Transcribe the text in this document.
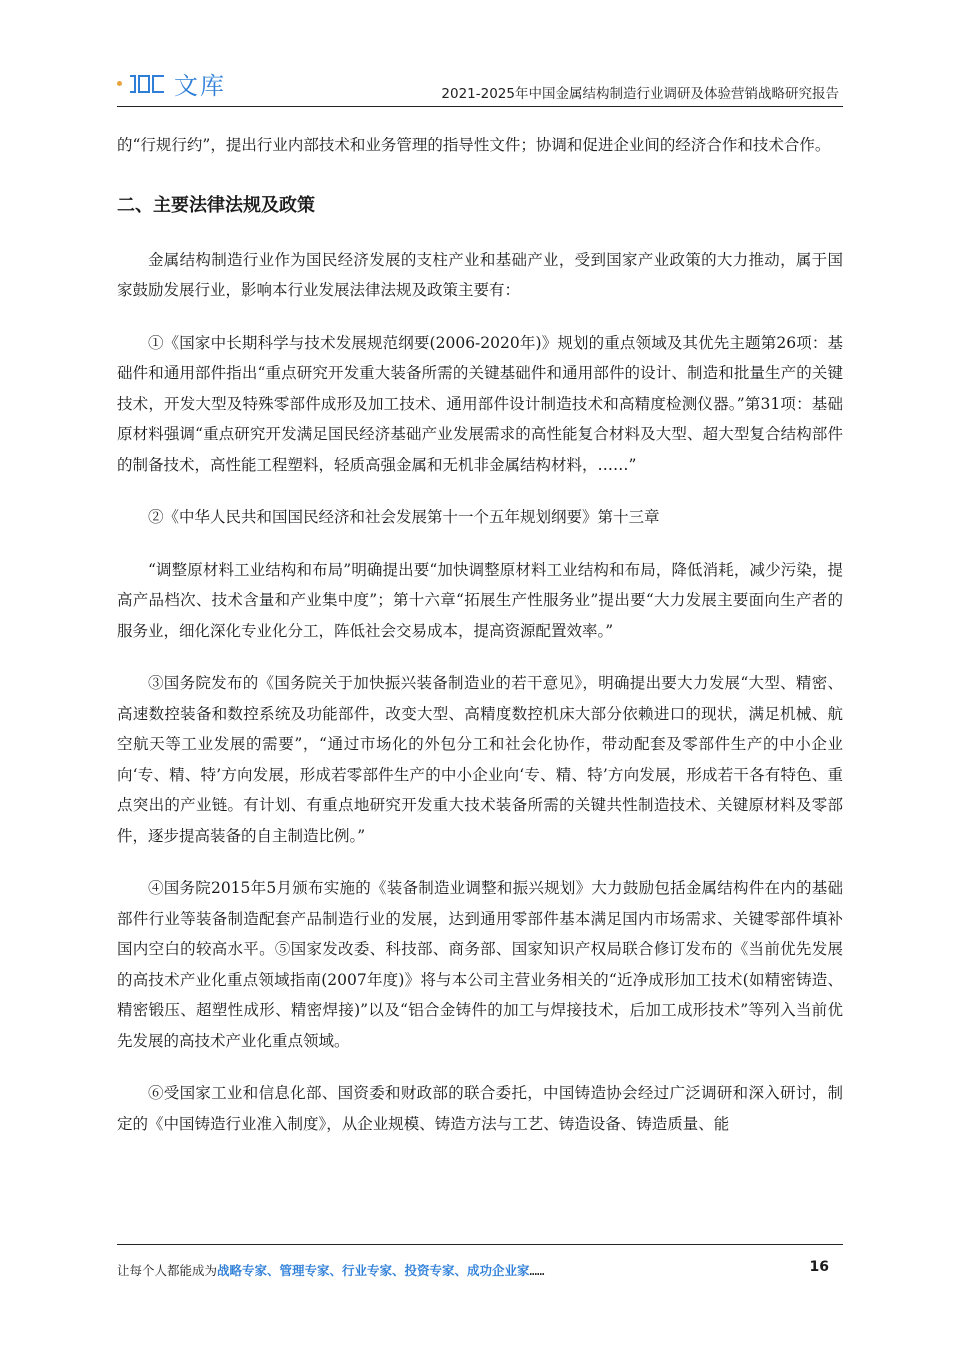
文库	2021-2025年中国金属结构制造行业调研及体验营销战略研究报告

的“行规行约”，提出行业内部技术和业务管理的指导性文件；协调和促进企业间的经济合作和技术合作。

二、主要法律法规及政策

金属结构制造行业作为国民经济发展的支柱产业和基础产业，受到国家产业政策的大力推动，属于国家鼓励发展行业，影响本行业发展法律法规及政策主要有：

①《国家中长期科学与技术发展规范纲要(2006-2020年)》规划的重点领域及其优先主题第26项：基础件和通用部件指出“重点研究开发重大装备所需的关键基础件和通用部件的设计、制造和批量生产的关键技术，开发大型及特殊零部件成形及加工技术、通用部件设计制造技术和高精度检测仪器。”第31项：基础原材料强调“重点研究开发满足国民经济基础产业发展需求的高性能复合材料及大型、超大型复合结构部件的制备技术，高性能工程塑料，轻质高强金属和无机非金属结构材料，……”

②《中华人民共和国国民经济和社会发展第十一个五年规划纲要》第十三章

“调整原材料工业结构和布局”明确提出要“加快调整原材料工业结构和布局，降低消耗，减少污染，提高产品档次、技术含量和产业集中度”；第十六章“拓展生产性服务业”提出要“大力发展主要面向生产者的服务业，细化深化专业化分工，阵低社会交易成本，提高资源配置效率。”

③国务院发布的《国务院关于加快振兴装备制造业的若干意见》，明确提出要大力发展“大型、精密、高速数控装备和数控系统及功能部件，改变大型、高精度数控机床大部分依赖进口的现状，满足机械、航空航天等工业发展的需要”，“通过市场化的外包分工和社会化协作，带动配套及零部件生产的中小企业向‘专、精、特’方向发展，形成若零部件生产的中小企业向‘专、精、特’方向发展，形成若干各有特色、重点突出的产业链。有计划、有重点地研究开发重大技术装备所需的关键共性制造技术、关键原材料及零部件，逐步提高装备的自主制造比例。”

④国务院2015年5月颁布实施的《装备制造业调整和振兴规划》大力鼓励包括金属结构件在内的基础部件行业等装备制造配套产品制造行业的发展，达到通用零部件基本满足国内市场需求、关键零部件填补国内空白的较高水平。⑤国家发改委、科技部、商务部、国家知识产权局联合修订发布的《当前优先发展的高技术产业化重点领域指南(2007年度)》将与本公司主营业务相关的“近净成形加工技术(如精密铸造、精密锻压、超塑性成形、精密焊接)”以及“铝合金铸件的加工与焊接技术，后加工成形技术”等列入当前优先发展的高技术产业化重点领域。

⑥受国家工业和信息化部、国资委和财政部的联合委托，中国铸造协会经过广泛调研和深入研讨，制定的《中国铸造行业准入制度》，从企业规模、铸造方法与工艺、铸造设备、铸造质量、能

让每个人都能成为战略专家、管理专家、行业专家、投资专家、成功企业家……	16
